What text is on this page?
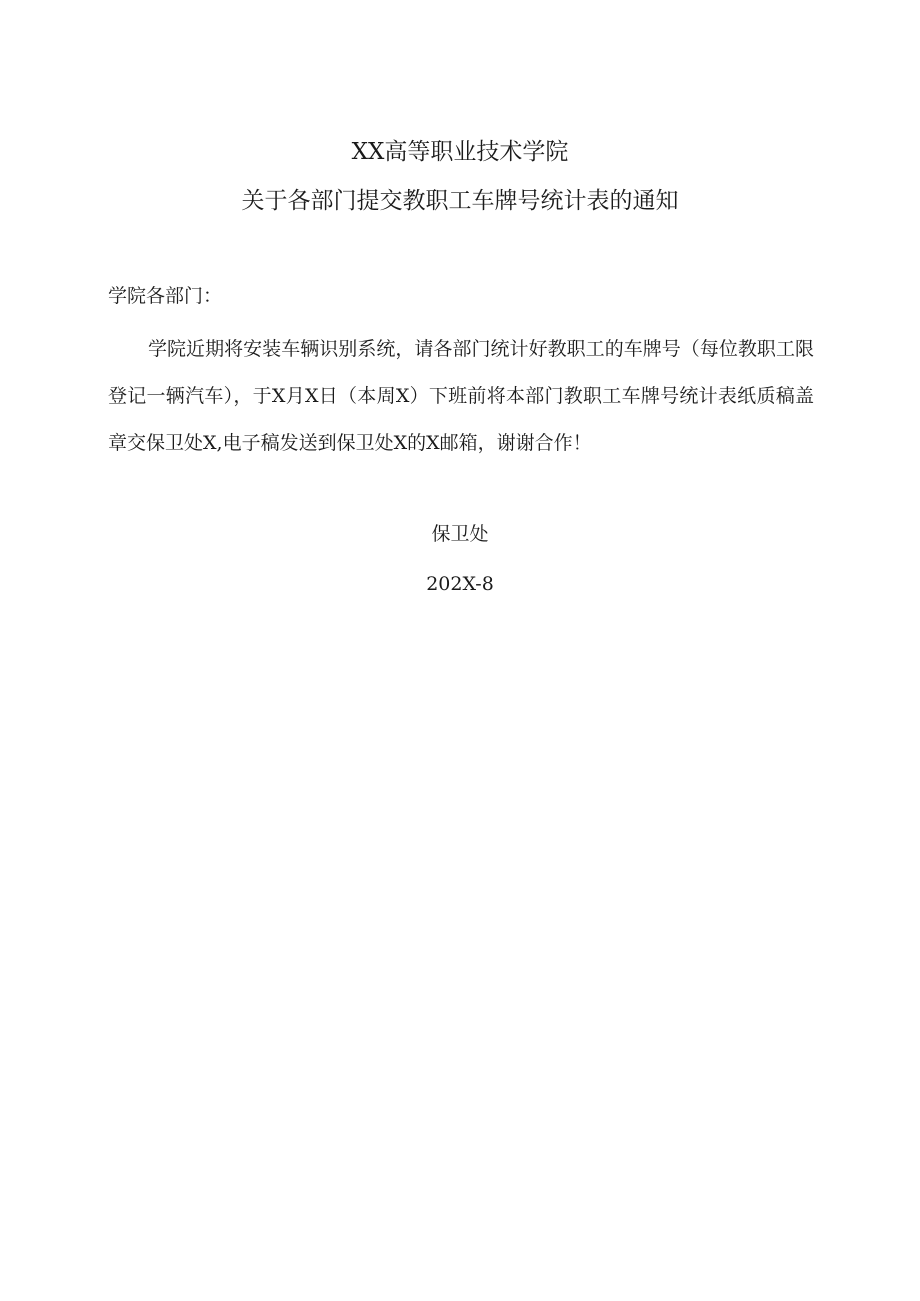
XX高等职业技术学院
关于各部门提交教职工车牌号统计表的通知
学院各部门：
学院近期将安装车辆识别系统，请各部门统计好教职工的车牌号（每位教职工限登记一辆汽车），于X月X日（本周X）下班前将本部门教职工车牌号统计表纸质稿盖章交保卫处X,电子稿发送到保卫处X的X邮箱，谢谢合作！
保卫处
202X-8
